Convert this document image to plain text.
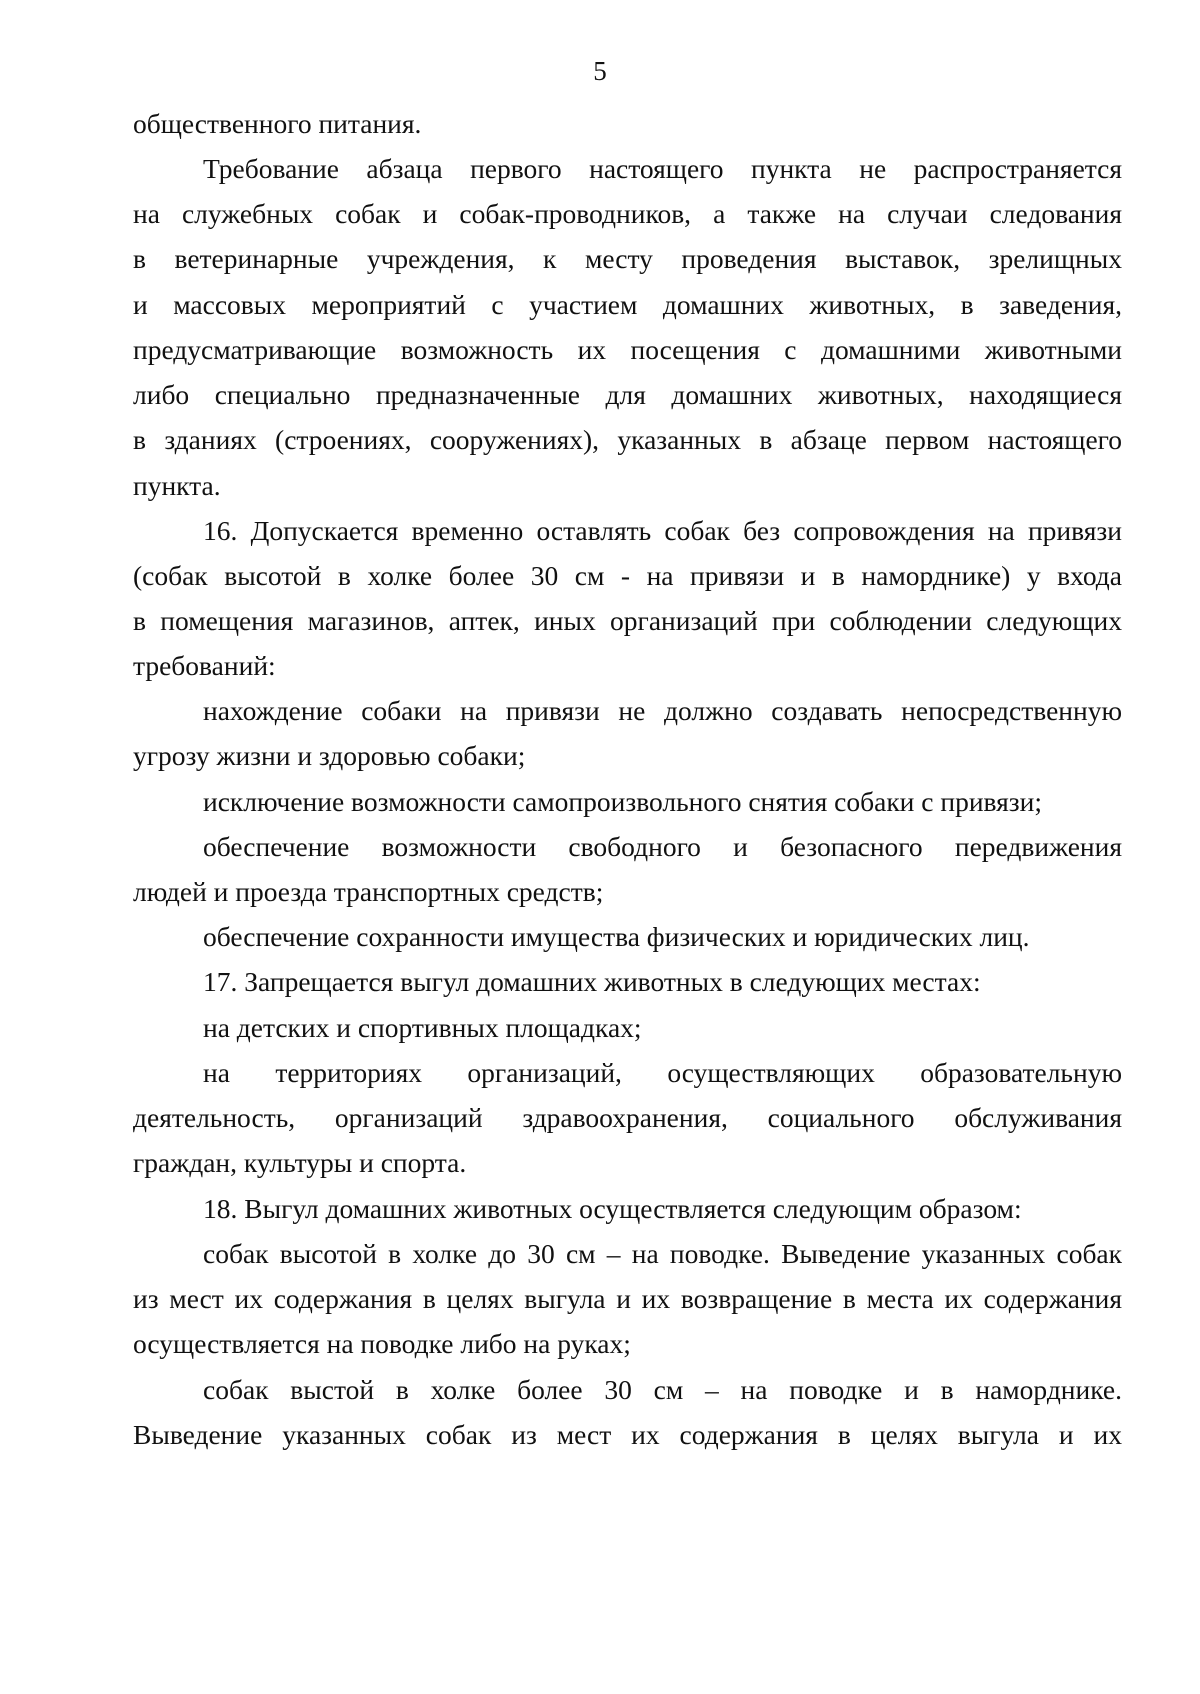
5
общественного питания.
Требование абзаца первого настоящего пункта не распространяется
на служебных собак и собак-проводников, а также на случаи следования
в ветеринарные учреждения, к месту проведения выставок, зрелищных
и массовых мероприятий с участием домашних животных, в заведения,
предусматривающие возможность их посещения с домашними животными
либо специально предназначенные для домашних животных, находящиеся
в зданиях (строениях, сооружениях), указанных в абзаце первом настоящего
пункта.
16. Допускается временно оставлять собак без сопровождения на привязи
(собак высотой в холке более 30 см - на привязи и в наморднике) у входа
в помещения магазинов, аптек, иных организаций при соблюдении следующих
требований:
нахождение собаки на привязи не должно создавать непосредственную
угрозу жизни и здоровью собаки;
исключение возможности самопроизвольного снятия собаки с привязи;
обеспечение возможности свободного и безопасного передвижения
людей и проезда транспортных средств;
обеспечение сохранности имущества физических и юридических лиц.
17. Запрещается выгул домашних животных в следующих местах:
на детских и спортивных площадках;
на территориях организаций, осуществляющих образовательную
деятельность, организаций здравоохранения, социального обслуживания
граждан, культуры и спорта.
18. Выгул домашних животных осуществляется следующим образом:
собак высотой в холке до 30 см – на поводке. Выведение указанных собак
из мест их содержания в целях выгула и их возвращение в места их содержания
осуществляется на поводке либо на руках;
собак выстой в холке более 30 см – на поводке и в наморднике.
Выведение указанных собак из мест их содержания в целях выгула и их
